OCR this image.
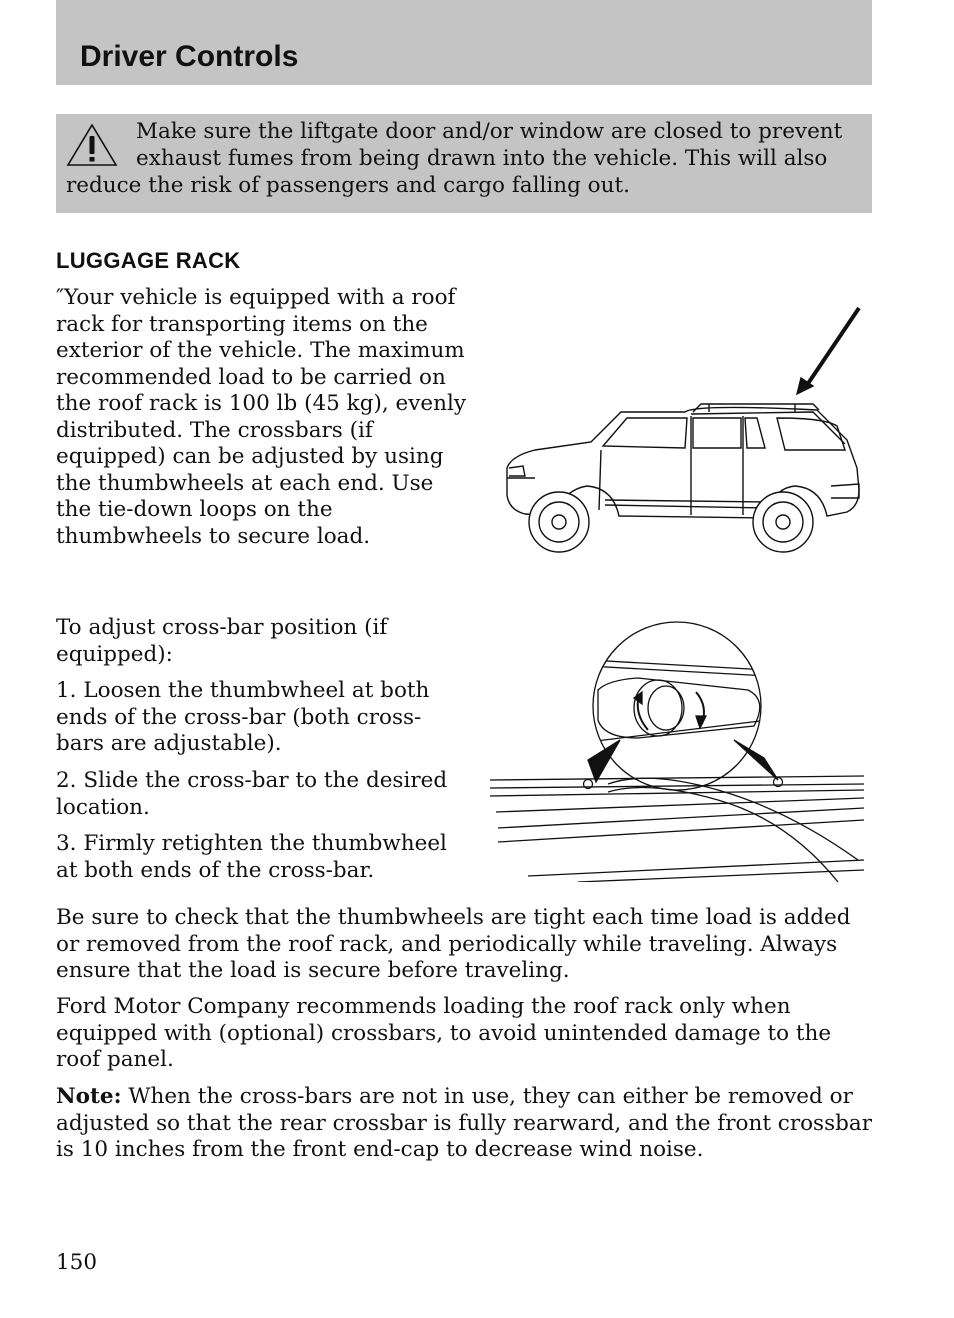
Driver Controls

Make sure the liftgate door and/or window are closed to prevent exhaust fumes from being drawn into the vehicle. This will also reduce the risk of passengers and cargo falling out.

LUGGAGE RACK

″Your vehicle is equipped with a roof rack for transporting items on the exterior of the vehicle. The maximum recommended load to be carried on the roof rack is 100 lb (45 kg), evenly distributed. The crossbars (if equipped) can be adjusted by using the thumbwheels at each end. Use the tie-down loops on the thumbwheels to secure load.

To adjust cross-bar position (if equipped):

1. Loosen the thumbwheel at both ends of the cross-bar (both cross-bars are adjustable).

2. Slide the cross-bar to the desired location.

3. Firmly retighten the thumbwheel at both ends of the cross-bar.

Be sure to check that the thumbwheels are tight each time load is added or removed from the roof rack, and periodically while traveling. Always ensure that the load is secure before traveling.

Ford Motor Company recommends loading the roof rack only when equipped with (optional) crossbars, to avoid unintended damage to the roof panel.

Note: When the cross-bars are not in use, they can either be removed or adjusted so that the rear crossbar is fully rearward, and the front crossbar is 10 inches from the front end-cap to decrease wind noise.

150
